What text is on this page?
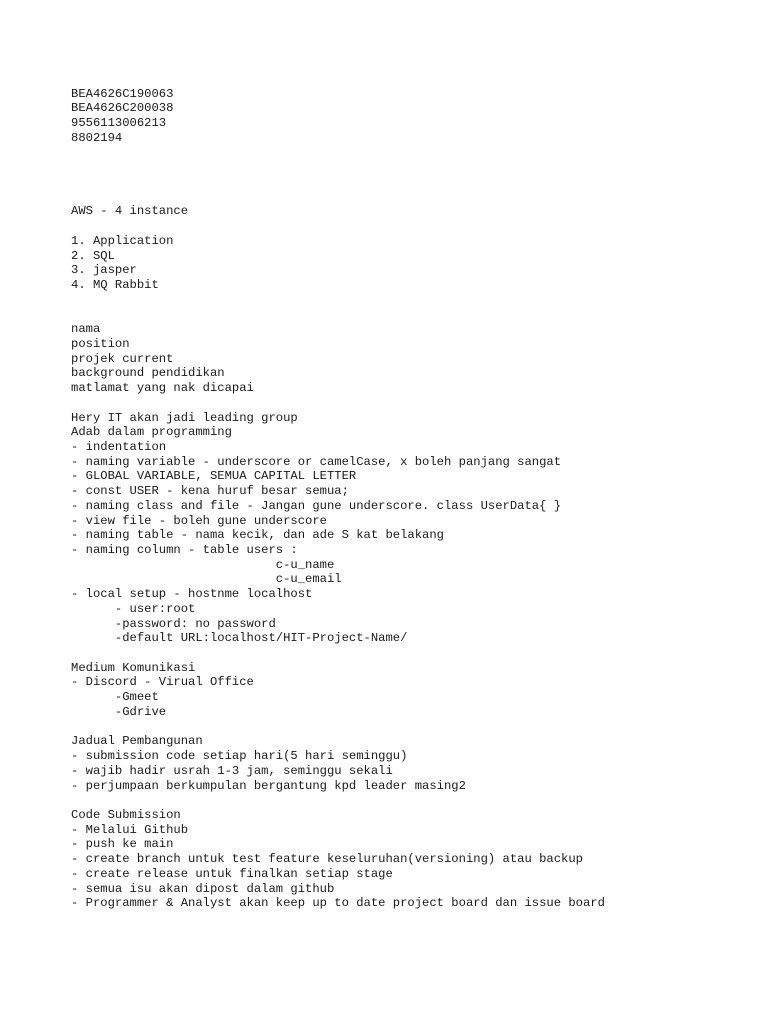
BEA4626C190063
BEA4626C200038
9556113006213
8802194
AWS - 4 instance
1. Application
2. SQL
3. jasper
4. MQ Rabbit
nama
position
projek current
background pendidikan
matlamat yang nak dicapai
Hery IT akan jadi leading group
Adab dalam programming
- indentation
- naming variable - underscore or camelCase, x boleh panjang sangat
- GLOBAL VARIABLE, SEMUA CAPITAL LETTER
- const USER - kena huruf besar semua;
- naming class and file - Jangan gune underscore. class UserData{ }
- view file - boleh gune underscore
- naming table - nama kecik, dan ade S kat belakang
- naming column - table users :
c-u_name
c-u_email
- local setup - hostnme localhost
- user:root
-password: no password
-default URL:localhost/HIT-Project-Name/
Medium Komunikasi
- Discord - Virual Office
-Gmeet
-Gdrive
Jadual Pembangunan
- submission code setiap hari(5 hari seminggu)
- wajib hadir usrah 1-3 jam, seminggu sekali
- perjumpaan berkumpulan bergantung kpd leader masing2
Code Submission
- Melalui Github
- push ke main
- create branch untuk test feature keseluruhan(versioning) atau backup
- create release untuk finalkan setiap stage
- semua isu akan dipost dalam github
- Programmer & Analyst akan keep up to date project board dan issue board
